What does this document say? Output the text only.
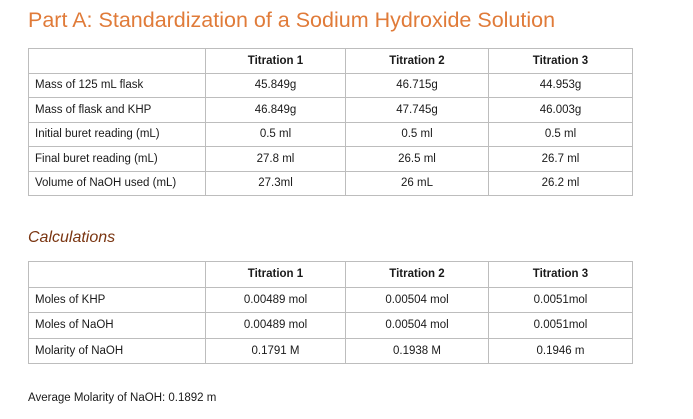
Part A: Standardization of a Sodium Hydroxide Solution
	Titration 1	Titration 2	Titration 3
Mass of 125 mL flask	45.849g	46.715g	44.953g
Mass of flask and KHP	46.849g	47.745g	46.003g
Initial buret reading (mL)	0.5 ml	0.5 ml	0.5 ml
Final buret reading (mL)	27.8 ml	26.5 ml	26.7 ml
Volume of NaOH used (mL)	27.3ml	26 mL	26.2 ml
Calculations
	Titration 1	Titration 2	Titration 3
Moles of KHP	0.00489 mol	0.00504 mol	0.0051mol
Moles of NaOH	0.00489 mol	0.00504 mol	0.0051mol
Molarity of NaOH	0.1791 M	0.1938 M	0.1946 m
Average Molarity of NaOH: 0.1892 m
